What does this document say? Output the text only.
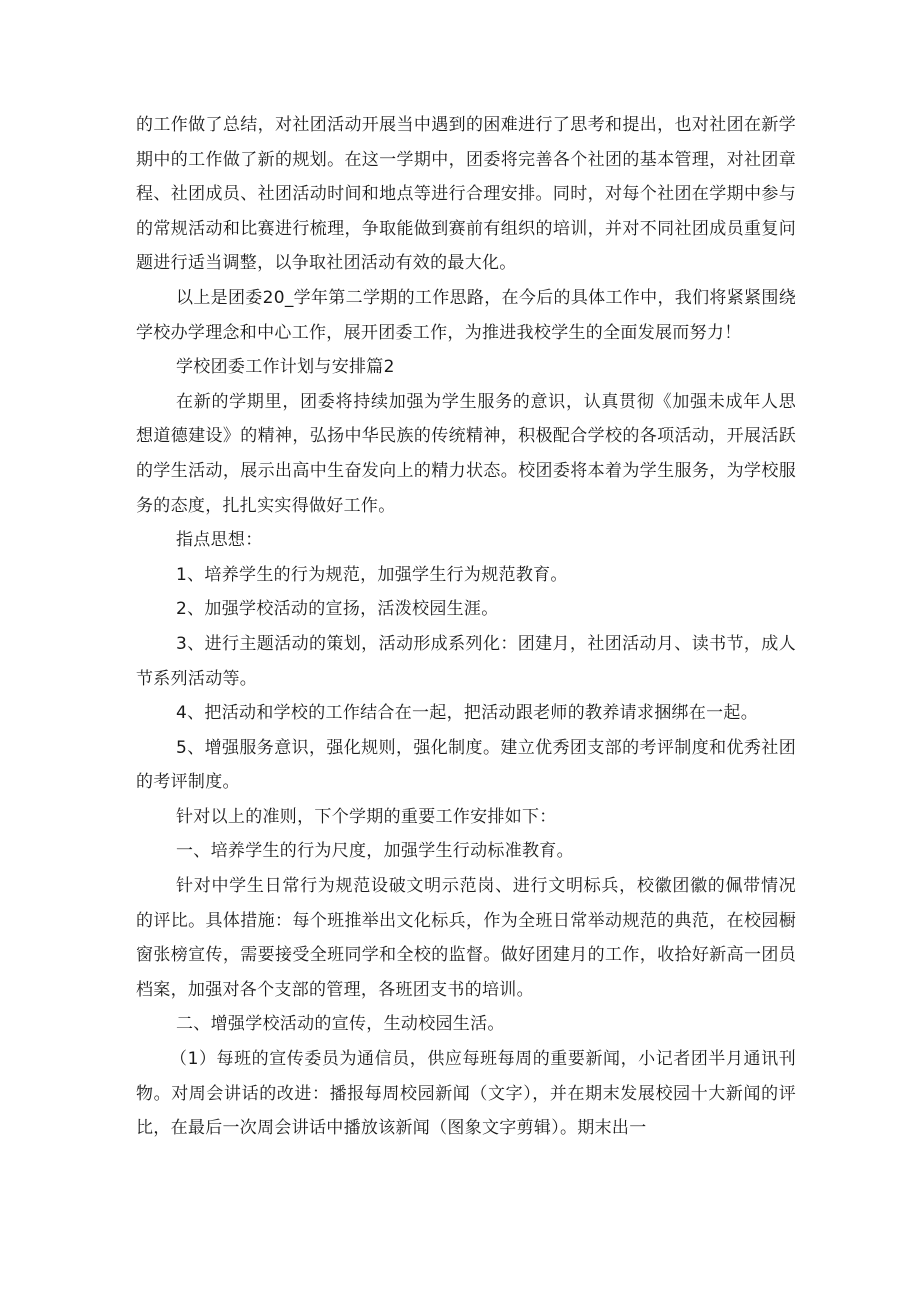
的工作做了总结，对社团活动开展当中遇到的困难进行了思考和提出，也对社团在新学期中的工作做了新的规划。在这一学期中，团委将完善各个社团的基本管理，对社团章程、社团成员、社团活动时间和地点等进行合理安排。同时，对每个社团在学期中参与的常规活动和比赛进行梳理，争取能做到赛前有组织的培训，并对不同社团成员重复问题进行适当调整，以争取社团活动有效的最大化。

以上是团委20_学年第二学期的工作思路，在今后的具体工作中，我们将紧紧围绕学校办学理念和中心工作，展开团委工作，为推进我校学生的全面发展而努力！

学校团委工作计划与安排篇2

在新的学期里，团委将持续加强为学生服务的意识，认真贯彻《加强未成年人思想道德建设》的精神，弘扬中华民族的传统精神，积极配合学校的各项活动，开展活跃的学生活动，展示出高中生奋发向上的精力状态。校团委将本着为学生服务，为学校服务的态度，扎扎实实得做好工作。

指点思想：

1、培养学生的行为规范，加强学生行为规范教育。

2、加强学校活动的宣扬，活泼校园生涯。

3、进行主题活动的策划，活动形成系列化：团建月，社团活动月、读书节，成人节系列活动等。

4、把活动和学校的工作结合在一起，把活动跟老师的教养请求捆绑在一起。

5、增强服务意识，强化规则，强化制度。建立优秀团支部的考评制度和优秀社团的考评制度。

针对以上的准则，下个学期的重要工作安排如下：

一、培养学生的行为尺度，加强学生行动标准教育。

针对中学生日常行为规范设破文明示范岗、进行文明标兵，校徽团徽的佩带情况的评比。具体措施：每个班推举出文化标兵，作为全班日常举动规范的典范，在校园橱窗张榜宣传，需要接受全班同学和全校的监督。做好团建月的工作，收拾好新高一团员档案，加强对各个支部的管理，各班团支书的培训。

二、增强学校活动的宣传，生动校园生活。

（1）每班的宣传委员为通信员，供应每班每周的重要新闻，小记者团半月通讯刊物。对周会讲话的改进：播报每周校园新闻（文字），并在期末发展校园十大新闻的评比，在最后一次周会讲话中播放该新闻（图象文字剪辑）。期末出一
